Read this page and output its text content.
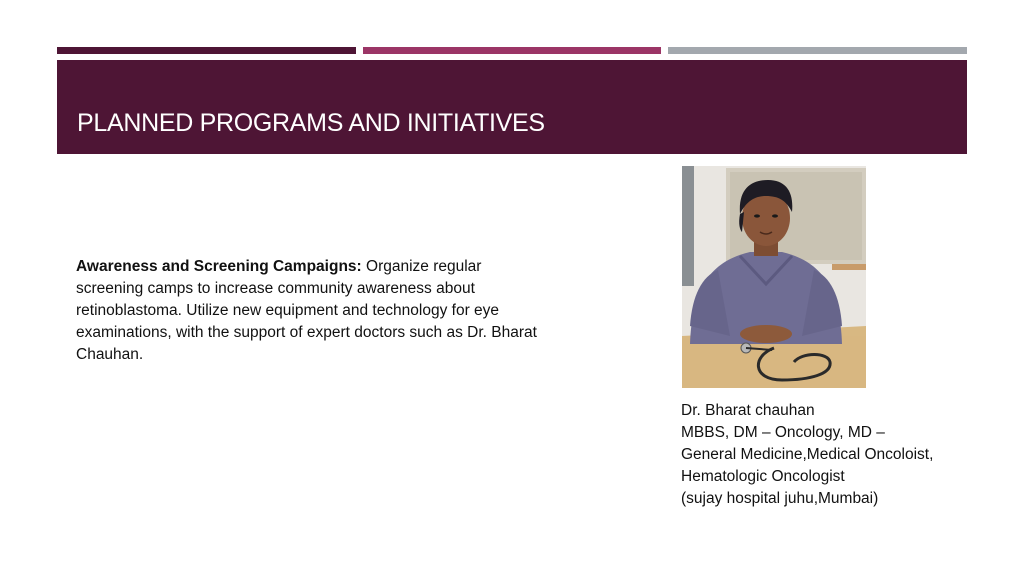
PLANNED PROGRAMS AND INITIATIVES
Awareness and Screening Campaigns: Organize regular screening camps to increase community awareness about retinoblastoma. Utilize new equipment and technology for eye examinations, with the support of expert doctors such as Dr. Bharat Chauhan.
Dr. Bharat chauhan
MBBS, DM – Oncology, MD –
General Medicine,Medical Oncoloist,
Hematologic Oncologist
(sujay hospital juhu,Mumbai)
